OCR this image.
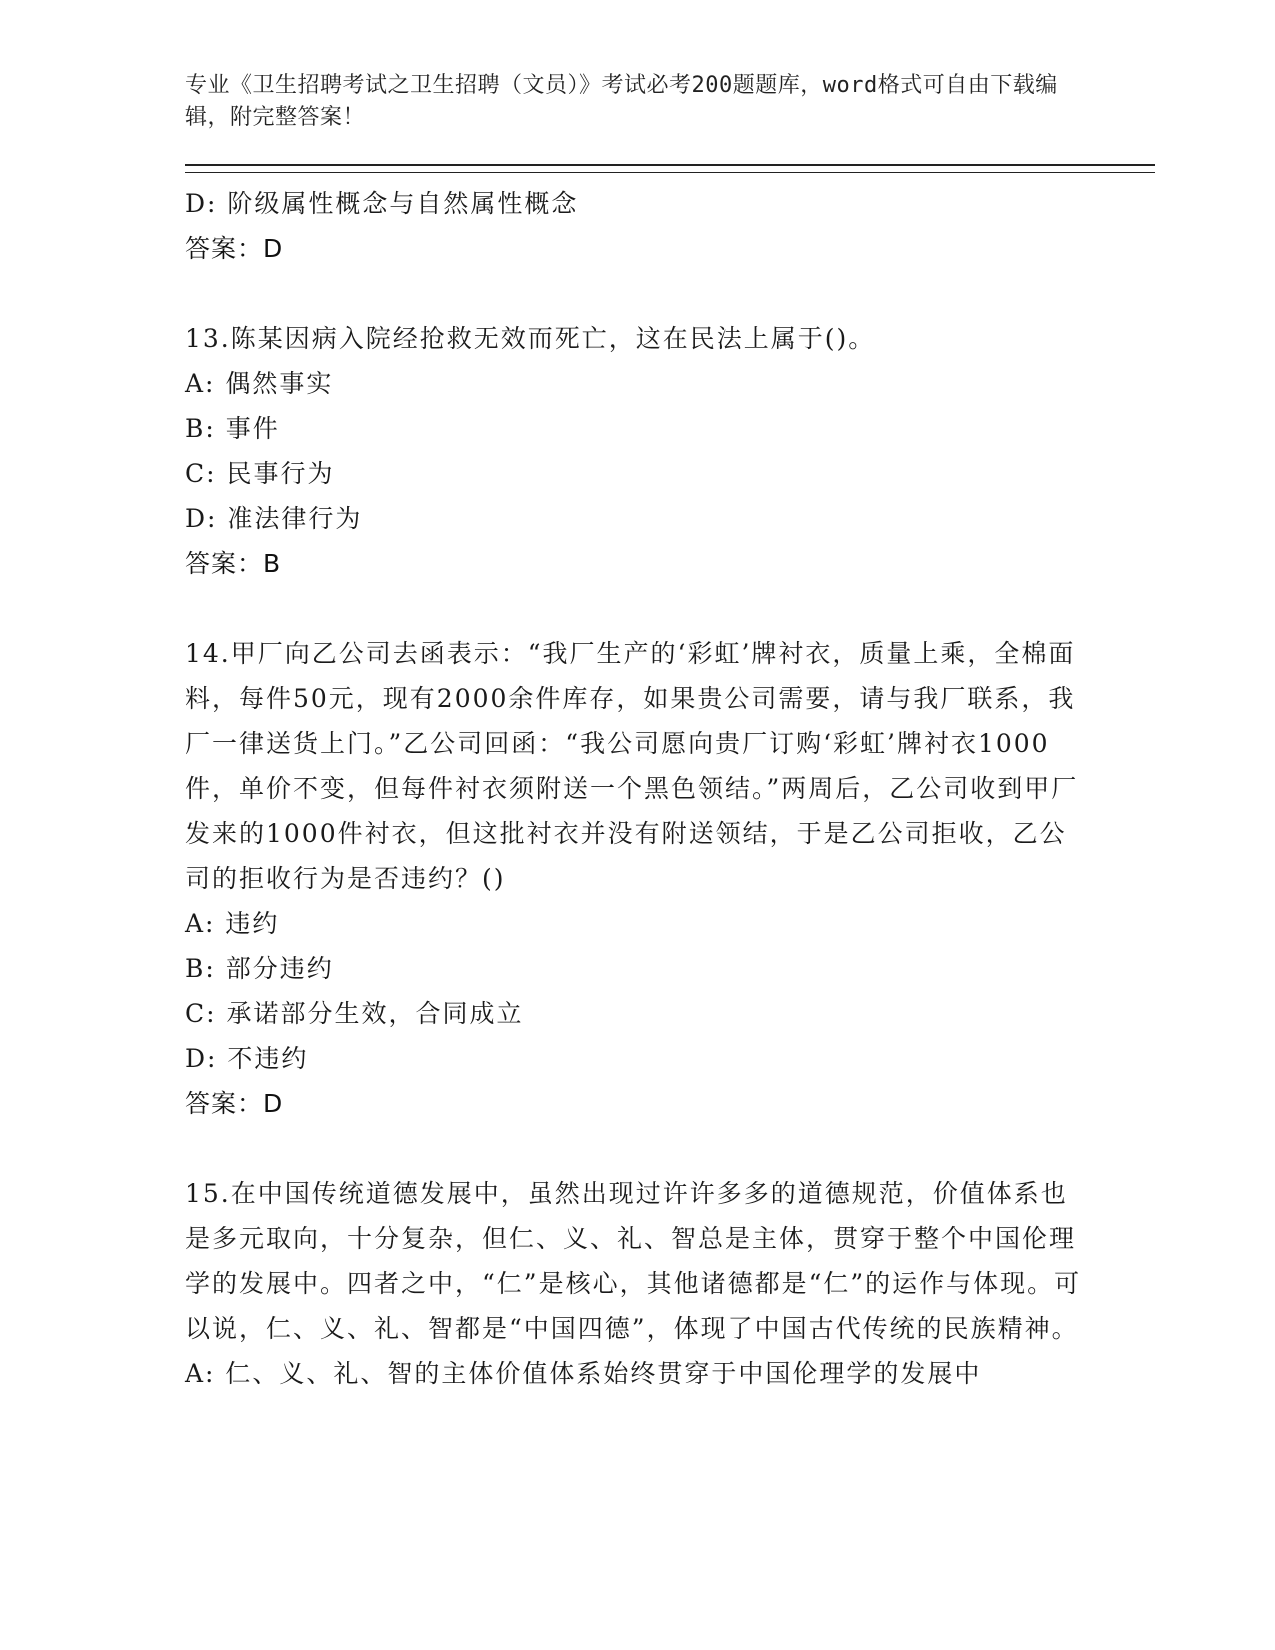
专业《卫生招聘考试之卫生招聘（文员）》考试必考200题题库，word格式可自由下载编辑，附完整答案！
D: 阶级属性概念与自然属性概念
答案：D
13.陈某因病入院经抢救无效而死亡，这在民法上属于()。
A: 偶然事实
B: 事件
C: 民事行为
D: 准法律行为
答案：B
14.甲厂向乙公司去函表示：“我厂生产的‘彩虹’牌衬衣，质量上乘，全棉面料，每件50元，现有2000余件库存，如果贵公司需要，请与我厂联系，我厂一律送货上门。”乙公司回函：“我公司愿向贵厂订购‘彩虹’牌衬衣1000件，单价不变，但每件衬衣须附送一个黑色领结。”两周后，乙公司收到甲厂发来的1000件衬衣，但这批衬衣并没有附送领结，于是乙公司拒收，乙公司的拒收行为是否违约？()
A: 违约
B: 部分违约
C: 承诺部分生效，合同成立
D: 不违约
答案：D
15.在中国传统道德发展中，虽然出现过许许多多的道德规范，价值体系也是多元取向，十分复杂，但仁、义、礼、智总是主体，贯穿于整个中国伦理学的发展中。四者之中，“仁”是核心，其他诸德都是“仁”的运作与体现。可以说，仁、义、礼、智都是“中国四德”，体现了中国古代传统的民族精神。
A: 仁、义、礼、智的主体价值体系始终贯穿于中国伦理学的发展中
